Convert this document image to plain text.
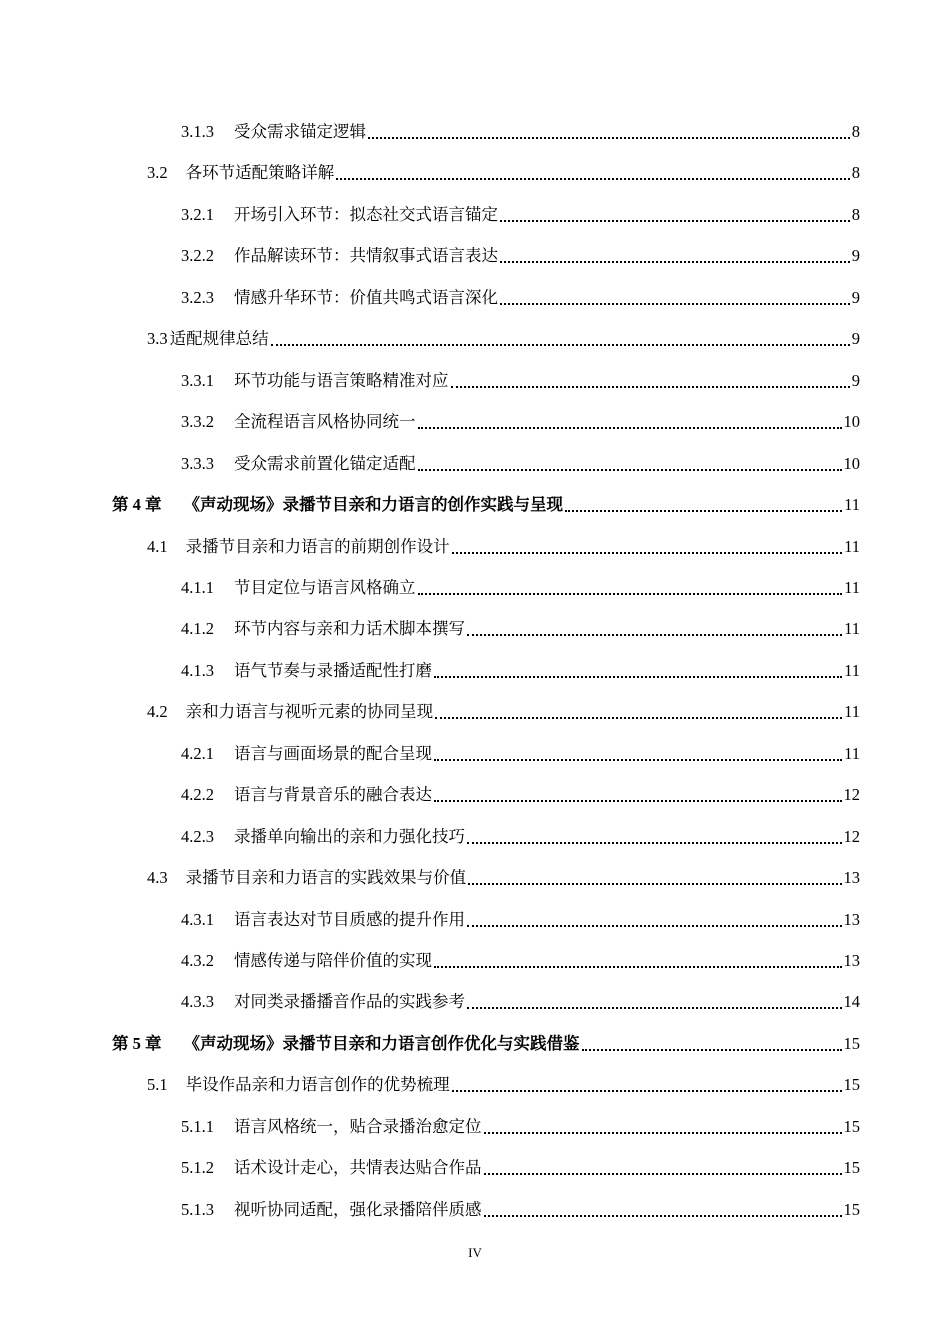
3.1.3 受众需求锚定逻辑	8
3.2 各环节适配策略详解	8
3.2.1 开场引入环节：拟态社交式语言锚定	8
3.2.2 作品解读环节：共情叙事式语言表达	9
3.2.3 情感升华环节：价值共鸣式语言深化	9
3.3 适配规律总结	9
3.3.1 环节功能与语言策略精准对应	9
3.3.2 全流程语言风格协同统一	10
3.3.3 受众需求前置化锚定适配	10
第 4 章 《声动现场》录播节目亲和力语言的创作实践与呈现	11
4.1 录播节目亲和力语言的前期创作设计	11
4.1.1 节目定位与语言风格确立	11
4.1.2 环节内容与亲和力话术脚本撰写	11
4.1.3 语气节奏与录播适配性打磨	11
4.2 亲和力语言与视听元素的协同呈现	11
4.2.1 语言与画面场景的配合呈现	11
4.2.2 语言与背景音乐的融合表达	12
4.2.3 录播单向输出的亲和力强化技巧	12
4.3 录播节目亲和力语言的实践效果与价值	13
4.3.1 语言表达对节目质感的提升作用	13
4.3.2 情感传递与陪伴价值的实现	13
4.3.3 对同类录播播音作品的实践参考	14
第 5 章 《声动现场》录播节目亲和力语言创作优化与实践借鉴	15
5.1 毕设作品亲和力语言创作的优势梳理	15
5.1.1 语言风格统一，贴合录播治愈定位	15
5.1.2 话术设计走心，共情表达贴合作品	15
5.1.3 视听协同适配，强化录播陪伴质感	15
IV
